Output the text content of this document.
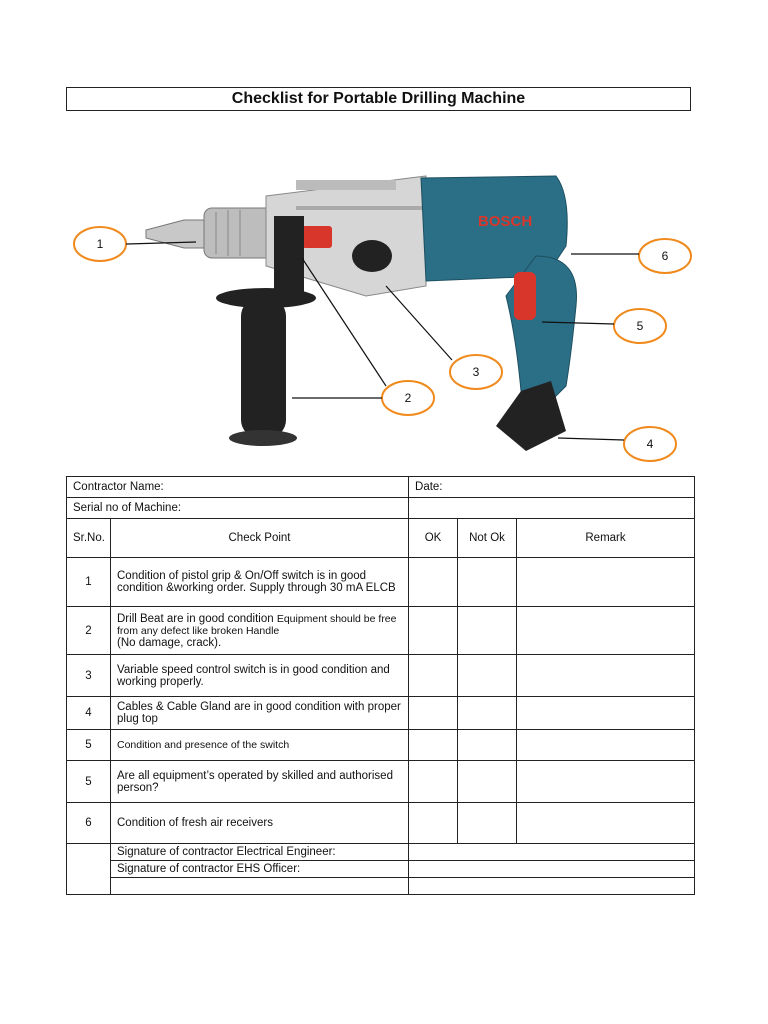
Checklist for Portable Drilling Machine
BOSCH
1
2
3
4
5
6
Contractor Name:		Date:		
Serial no of Machine:				
Sr.No.	Check Point	OK	Not Ok	Remark
1	Condition of pistol grip & On/Off switch is in good condition &working order. Supply through 30 mA ELCB			
2	Drill Beat are in good condition Equipment should be free from any defect like broken Handle
(No damage, crack).			
3	Variable speed control switch is in good condition and working properly.			
4	Cables & Cable Gland are in good condition with proper plug top			
5	Condition and presence of the switch			
5	Are all equipment’s operated by skilled and authorised person?			
6	Condition of fresh air receivers			
	Signature of contractor Electrical Engineer:			
	Signature of contractor EHS Officer:			
